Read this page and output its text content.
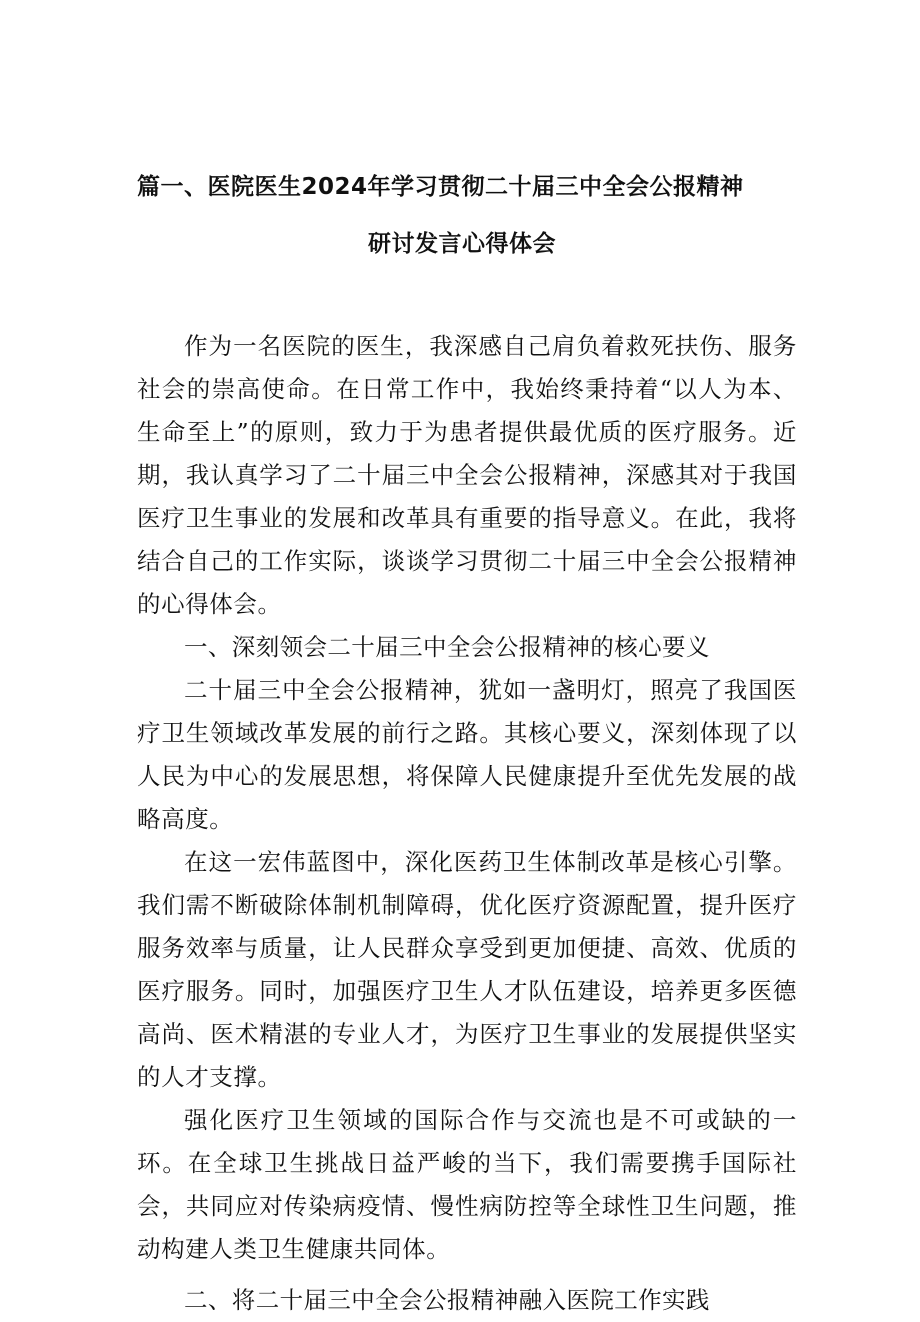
篇一、医院医生2024年学习贯彻二十届三中全会公报精神
研讨发言心得体会

作为一名医院的医生，我深感自己肩负着救死扶伤、服务社会的崇高使命。在日常工作中，我始终秉持着“以人为本、生命至上”的原则，致力于为患者提供最优质的医疗服务。近期，我认真学习了二十届三中全会公报精神，深感其对于我国医疗卫生事业的发展和改革具有重要的指导意义。在此，我将结合自己的工作实际，谈谈学习贯彻二十届三中全会公报精神的心得体会。

一、深刻领会二十届三中全会公报精神的核心要义

二十届三中全会公报精神，犹如一盏明灯，照亮了我国医疗卫生领域改革发展的前行之路。其核心要义，深刻体现了以人民为中心的发展思想，将保障人民健康提升至优先发展的战略高度。

在这一宏伟蓝图中，深化医药卫生体制改革是核心引擎。我们需不断破除体制机制障碍，优化医疗资源配置，提升医疗服务效率与质量，让人民群众享受到更加便捷、高效、优质的医疗服务。同时，加强医疗卫生人才队伍建设，培养更多医德高尚、医术精湛的专业人才，为医疗卫生事业的发展提供坚实的人才支撑。

强化医疗卫生领域的国际合作与交流也是不可或缺的一环。在全球卫生挑战日益严峻的当下，我们需要携手国际社会，共同应对传染病疫情、慢性病防控等全球性卫生问题，推动构建人类卫生健康共同体。

二、将二十届三中全会公报精神融入医院工作实践
